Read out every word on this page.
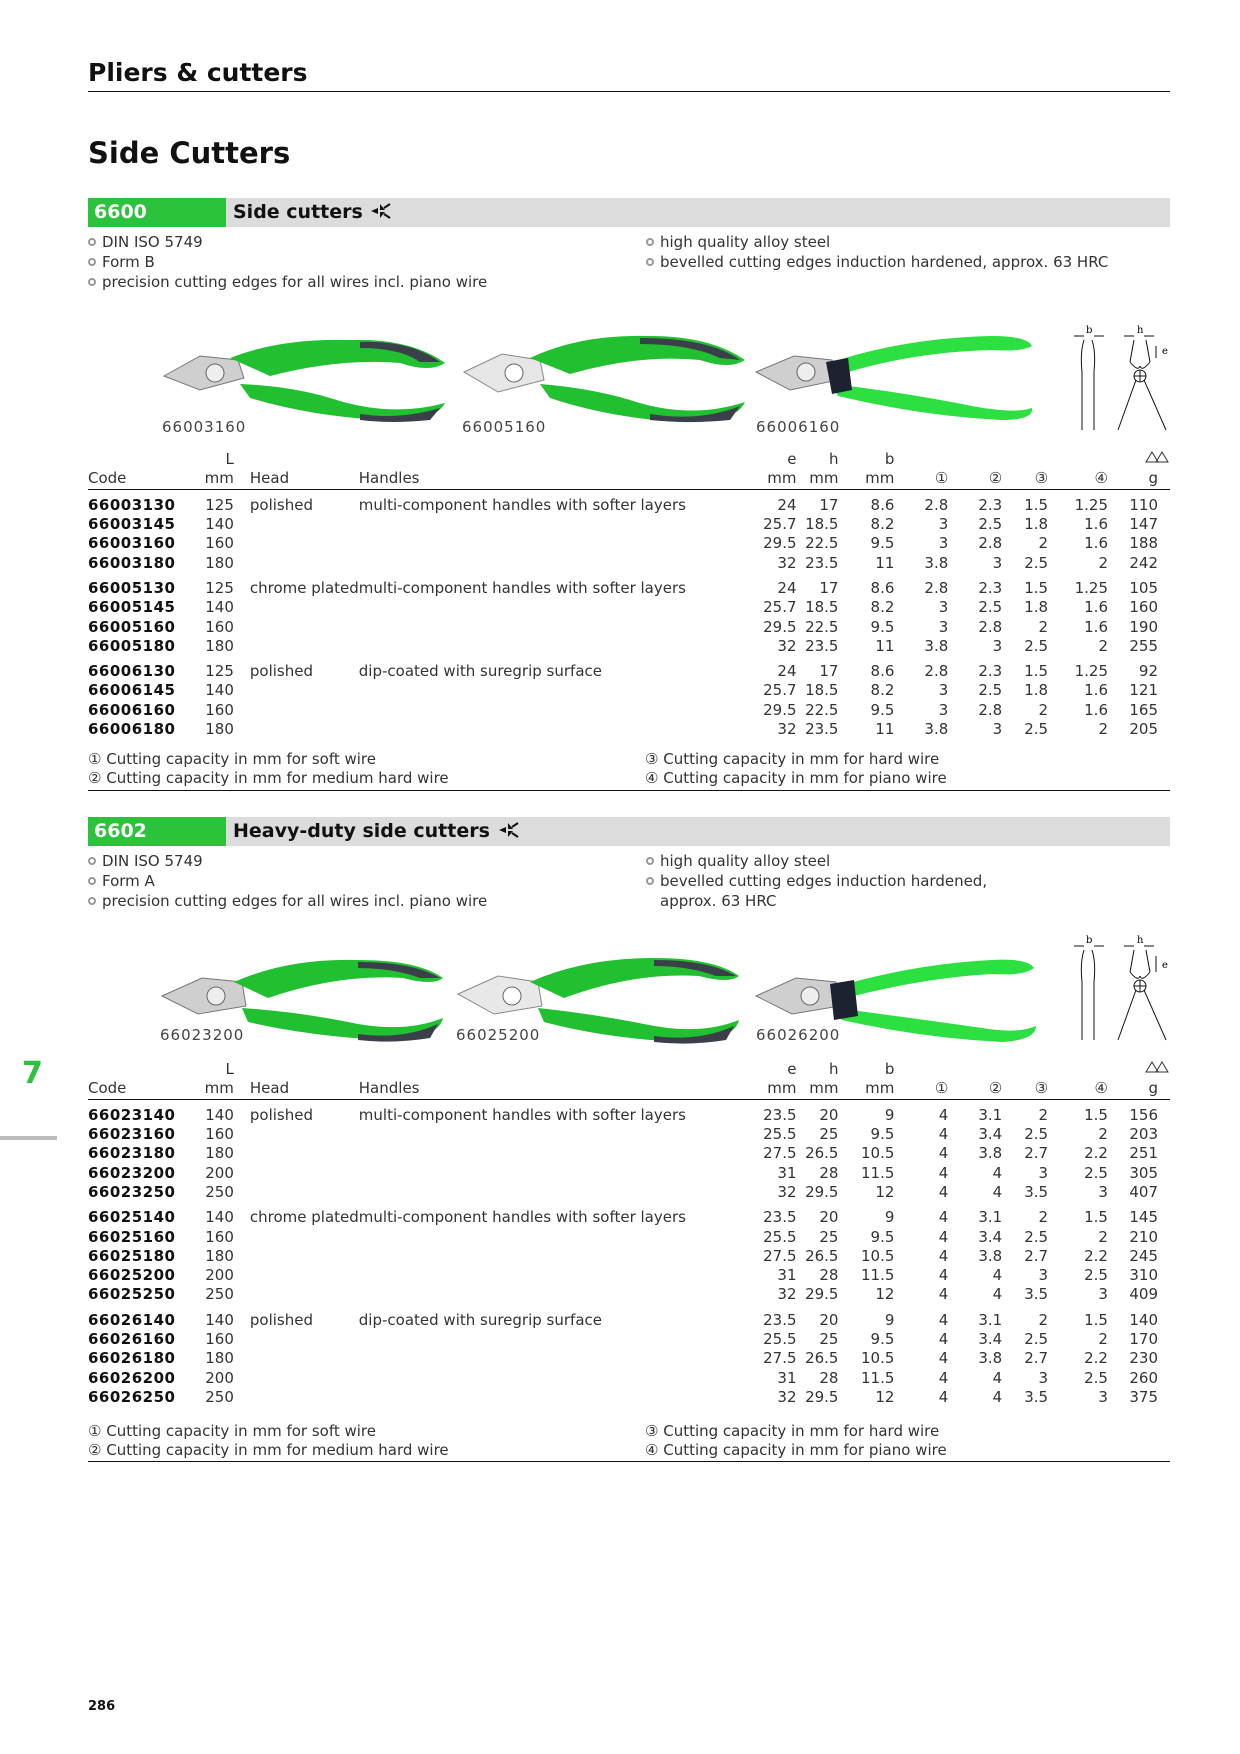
Pliers & cutters
Side Cutters
7
6600	Side cutters
DIN ISO 5749
Form B
precision cutting edges for all wires incl. piano wire
high quality alloy steel
bevelled cutting edges induction hardened, approx. 63 HRC
66003160	66005160	66006160
b	h
e
	L			e	h	b					
Code	mm	Head	Handles	mm	mm	mm	①	②	③	④	g

66003130	125	polished	multi-component handles with softer layers	24	17	8.6	2.8	2.3	1.5	1.25	110
66003145	140			25.7	18.5	8.2	3	2.5	1.8	1.6	147
66003160	160			29.5	22.5	9.5	3	2.8	2	1.6	188
66003180	180			32	23.5	11	3.8	3	2.5	2	242

66005130	125	chrome plated	multi-component handles with softer layers	24	17	8.6	2.8	2.3	1.5	1.25	105
66005145	140			25.7	18.5	8.2	3	2.5	1.8	1.6	160
66005160	160			29.5	22.5	9.5	3	2.8	2	1.6	190
66005180	180			32	23.5	11	3.8	3	2.5	2	255

66006130	125	polished	dip-coated with suregrip surface	24	17	8.6	2.8	2.3	1.5	1.25	92
66006145	140			25.7	18.5	8.2	3	2.5	1.8	1.6	121
66006160	160			29.5	22.5	9.5	3	2.8	2	1.6	165
66006180	180			32	23.5	11	3.8	3	2.5	2	205
① Cutting capacity in mm for soft wire
② Cutting capacity in mm for medium hard wire
③ Cutting capacity in mm for hard wire
④ Cutting capacity in mm for piano wire
6602	Heavy-duty side cutters
DIN ISO 5749
Form A
precision cutting edges for all wires incl. piano wire
high quality alloy steel
bevelled cutting edges induction hardened,
approx. 63 HRC
66023200	66025200	66026200
b	h
e
	L			e	h	b					
Code	mm	Head	Handles	mm	mm	mm	①	②	③	④	g

66023140	140	polished	multi-component handles with softer layers	23.5	20	9	4	3.1	2	1.5	156
66023160	160			25.5	25	9.5	4	3.4	2.5	2	203
66023180	180			27.5	26.5	10.5	4	3.8	2.7	2.2	251
66023200	200			31	28	11.5	4	4	3	2.5	305
66023250	250			32	29.5	12	4	4	3.5	3	407

66025140	140	chrome plated	multi-component handles with softer layers	23.5	20	9	4	3.1	2	1.5	145
66025160	160			25.5	25	9.5	4	3.4	2.5	2	210
66025180	180			27.5	26.5	10.5	4	3.8	2.7	2.2	245
66025200	200			31	28	11.5	4	4	3	2.5	310
66025250	250			32	29.5	12	4	4	3.5	3	409

66026140	140	polished	dip-coated with suregrip surface	23.5	20	9	4	3.1	2	1.5	140
66026160	160			25.5	25	9.5	4	3.4	2.5	2	170
66026180	180			27.5	26.5	10.5	4	3.8	2.7	2.2	230
66026200	200			31	28	11.5	4	4	3	2.5	260
66026250	250			32	29.5	12	4	4	3.5	3	375
① Cutting capacity in mm for soft wire
② Cutting capacity in mm for medium hard wire
③ Cutting capacity in mm for hard wire
④ Cutting capacity in mm for piano wire
286
